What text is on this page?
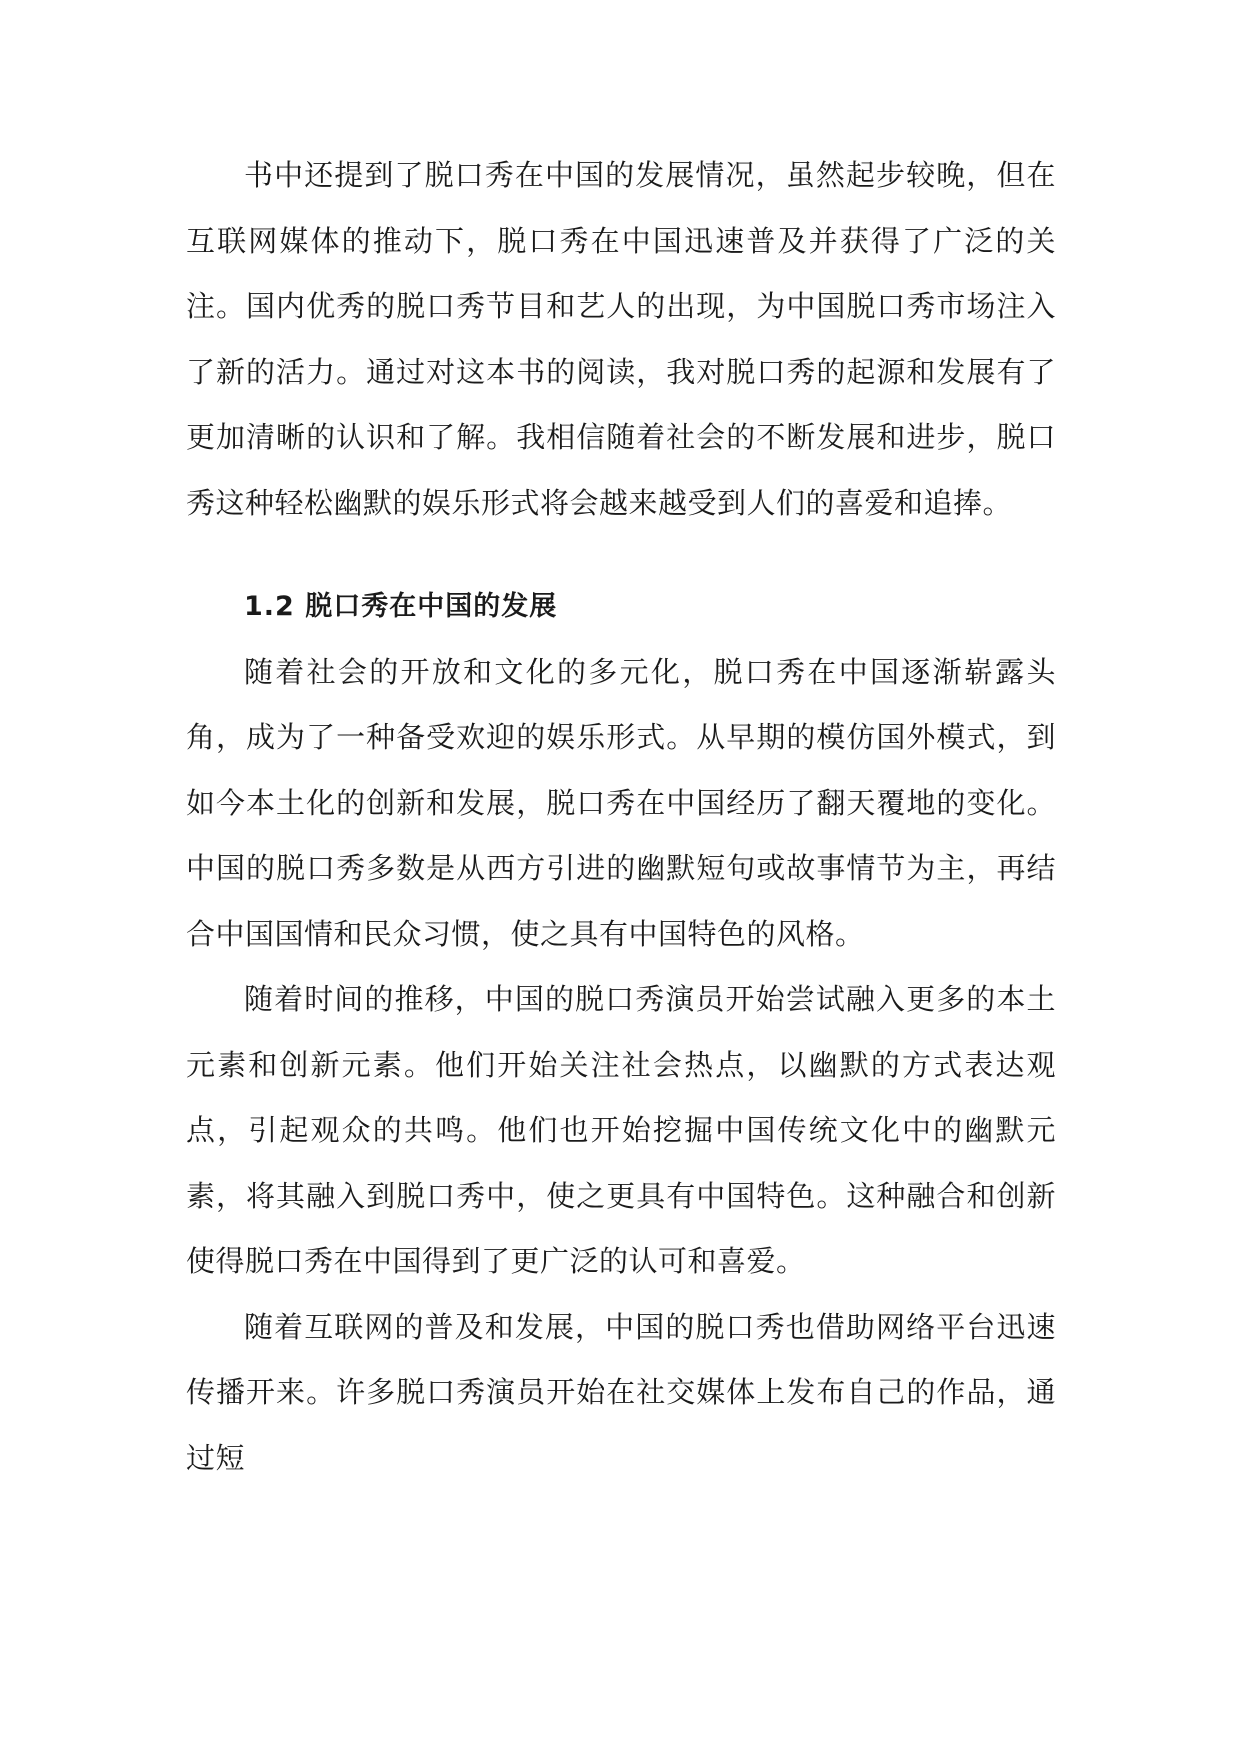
书中还提到了脱口秀在中国的发展情况，虽然起步较晚，但在互联网媒体的推动下，脱口秀在中国迅速普及并获得了广泛的关注。国内优秀的脱口秀节目和艺人的出现，为中国脱口秀市场注入了新的活力。通过对这本书的阅读，我对脱口秀的起源和发展有了更加清晰的认识和了解。我相信随着社会的不断发展和进步，脱口秀这种轻松幽默的娱乐形式将会越来越受到人们的喜爱和追捧。

1.2 脱口秀在中国的发展

随着社会的开放和文化的多元化，脱口秀在中国逐渐崭露头角，成为了一种备受欢迎的娱乐形式。从早期的模仿国外模式，到如今本土化的创新和发展，脱口秀在中国经历了翻天覆地的变化。中国的脱口秀多数是从西方引进的幽默短句或故事情节为主，再结合中国国情和民众习惯，使之具有中国特色的风格。

随着时间的推移，中国的脱口秀演员开始尝试融入更多的本土元素和创新元素。他们开始关注社会热点，以幽默的方式表达观点，引起观众的共鸣。他们也开始挖掘中国传统文化中的幽默元素，将其融入到脱口秀中，使之更具有中国特色。这种融合和创新使得脱口秀在中国得到了更广泛的认可和喜爱。

随着互联网的普及和发展，中国的脱口秀也借助网络平台迅速传播开来。许多脱口秀演员开始在社交媒体上发布自己的作品，通过短
